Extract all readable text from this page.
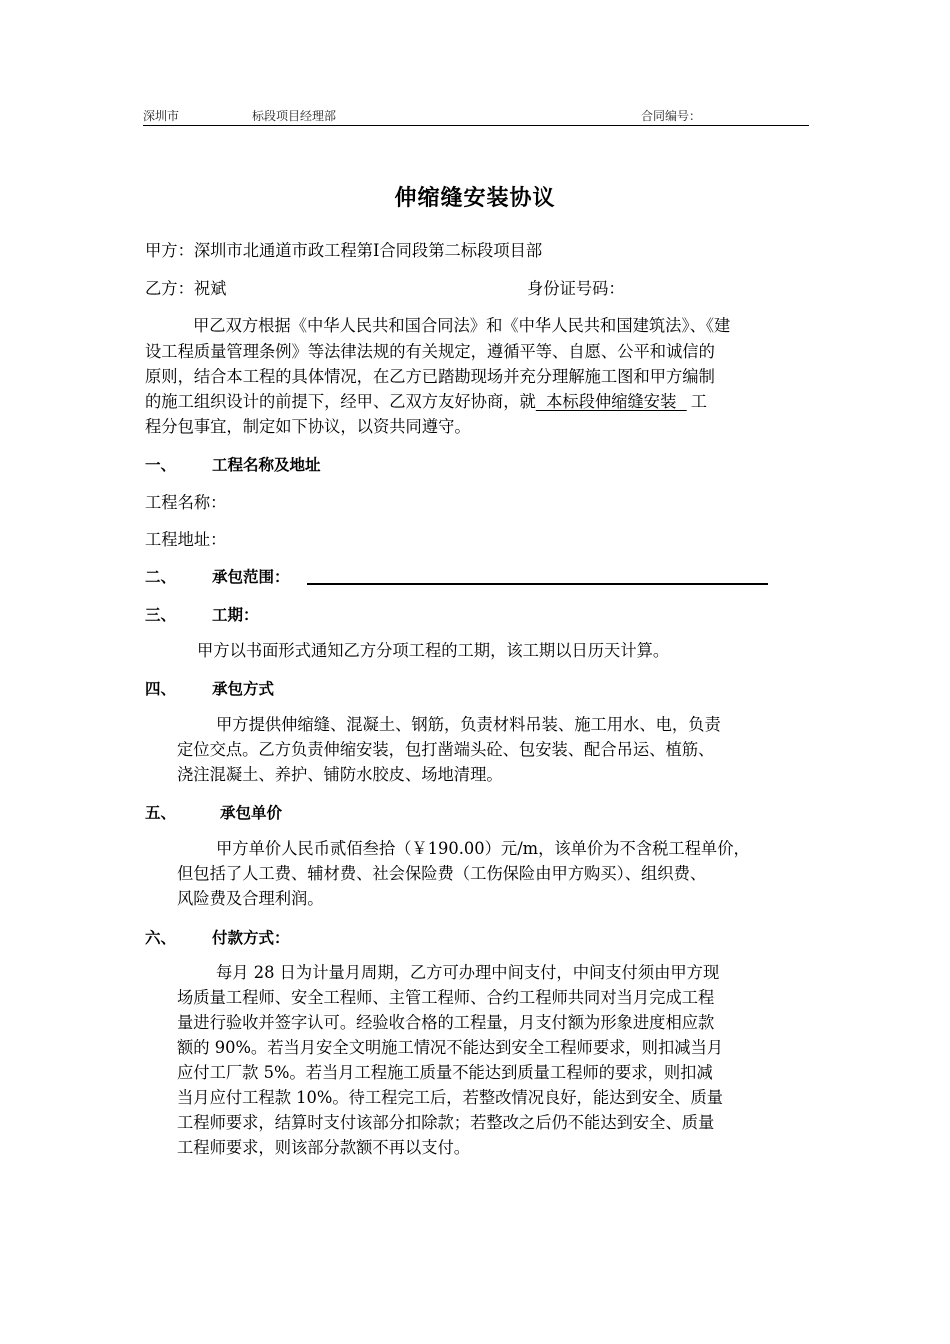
深圳市	标段项目经理部	合同编号：
伸缩缝安装协议
甲方：深圳市北通道市政工程第Ⅰ合同段第二标段项目部
乙方：祝斌	身份证号码：
甲乙双方根据《中华人民共和国合同法》和《中华人民共和国建筑法》、《建
设工程质量管理条例》等法律法规的有关规定，遵循平等、自愿、公平和诚信的
原则，结合本工程的具体情况，在乙方已踏勘现场并充分理解施工图和甲方编制
的施工组织设计的前提下，经甲、乙双方友好协商，就  本标段伸缩缝安装  工
程分包事宜，制定如下协议，以资共同遵守。
一、 工程名称及地址
工程名称：
工程地址：
二、 承包范围：
三、 工期：
甲方以书面形式通知乙方分项工程的工期，该工期以日历天计算。
四、 承包方式
甲方提供伸缩缝、混凝土、钢筋，负责材料吊装、施工用水、电，负责
定位交点。乙方负责伸缩安装，包打凿端头砼、包安装、配合吊运、植筋、
浇注混凝土、养护、铺防水胶皮、场地清理。
五、	承包单价
甲方单价人民币贰佰叁拾（￥190.00）元/m，该单价为不含税工程单价，
但包括了人工费、辅材费、社会保险费（工伤保险由甲方购买）、组织费、
风险费及合理利润。
六、 付款方式：
每月 28 日为计量月周期，乙方可办理中间支付，中间支付须由甲方现
场质量工程师、安全工程师、主管工程师、合约工程师共同对当月完成工程
量进行验收并签字认可。经验收合格的工程量，月支付额为形象进度相应款
额的 90%。若当月安全文明施工情况不能达到安全工程师要求，则扣减当月
应付工厂款 5%。若当月工程施工质量不能达到质量工程师的要求，则扣减
当月应付工程款 10%。待工程完工后，若整改情况良好，能达到安全、质量
工程师要求，结算时支付该部分扣除款；若整改之后仍不能达到安全、质量
工程师要求，则该部分款额不再以支付。
